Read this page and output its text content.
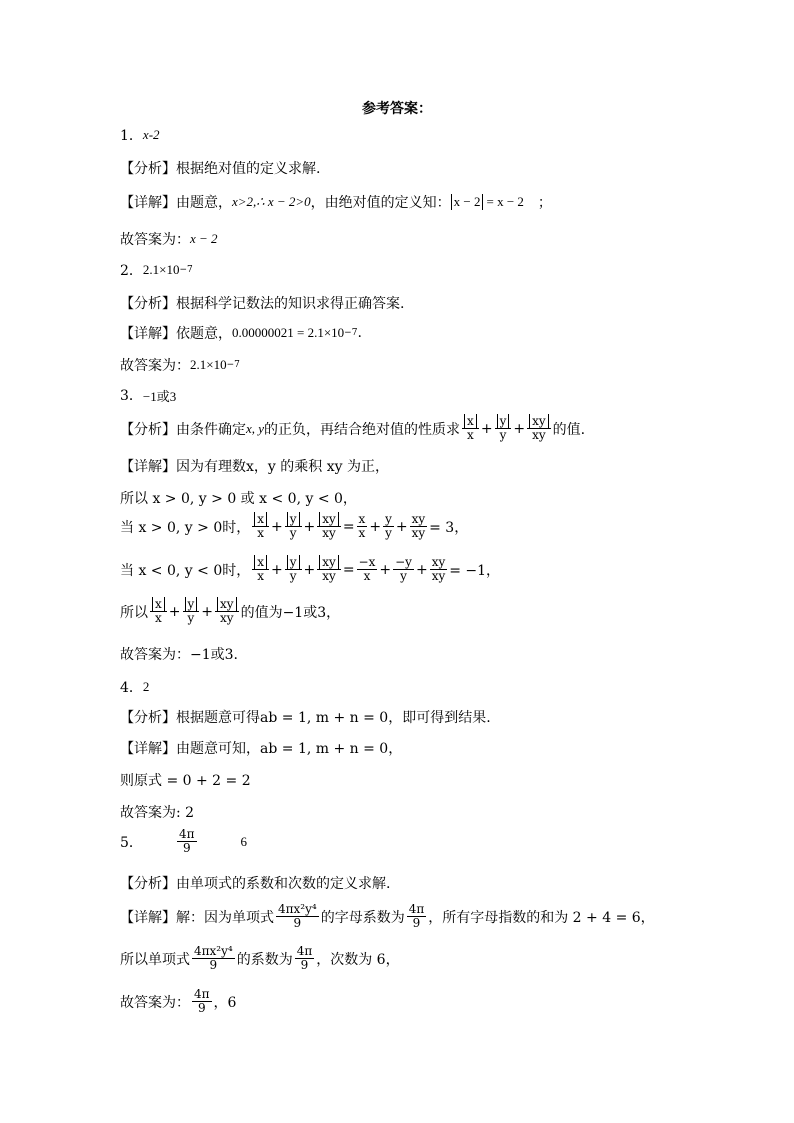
参考答案：
1． x-2
【分析】 根据绝对值的定义求解.
【详解】 由题意， x>2,∴ x − 2>0 ，由绝对值的定义知： x − 2 = x − 2 ；
故答案为： x − 2
2． 2.1×10 −7
【分析】 根据科学记数法的知识求得正确答案.
【详解】 依题意， 0.00000021 = 2.1×10 −7 .
故答案为： 2.1×10 −7
3． −1或3
【分析】 由条件确定 x, y 的正负，再结合绝对值的性质求 $\frac{x}{x} + \frac{y}{y} + \frac{xy}{xy}$ 的值.
【详解】 因为有理数x，y 的乘积 xy 为正，
所以 x > 0, y > 0 或 x < 0, y < 0，
当 x > 0, y > 0时， $\frac{x}{x} + \frac{y}{y} + \frac{xy}{xy} = \frac{x}{x} + \frac{y}{y} + \frac{xy}{xy} = 3$，
当 x < 0, y < 0时， $\frac{x}{x} + \frac{y}{y} + \frac{xy}{xy} = \frac{-x}{x} + \frac{-y}{y} + \frac{xy}{xy} = -1$，
所以 $\frac{x}{x} + \frac{y}{y} + \frac{xy}{xy}$ 的值为−1或3，
故答案为：−1或3.
4． 2
【分析】 根据题意可得ab = 1, m + n = 0，即可得到结果.
【详解】 由题意可知，ab = 1, m + n = 0，
则原式 = 0 + 2 = 2
故答案为: 2
5．	$\frac{4\pi}{9}$	6
【分析】 由单项式的系数和次数的定义求解.
【详解】 解：因为单项式 $\frac{\text{4πx²y⁴}}{9}$ 的字母系数为 $\frac{4\pi}{9}$ ，所有字母指数的和为 2 + 4 = 6，
所以单项式 $\frac{\text{4πx²y⁴}}{9}$ 的系数为 $\frac{4\pi}{9}$ ，次数为 6，
故答案为： $\frac{4\pi}{9}$ ，6
